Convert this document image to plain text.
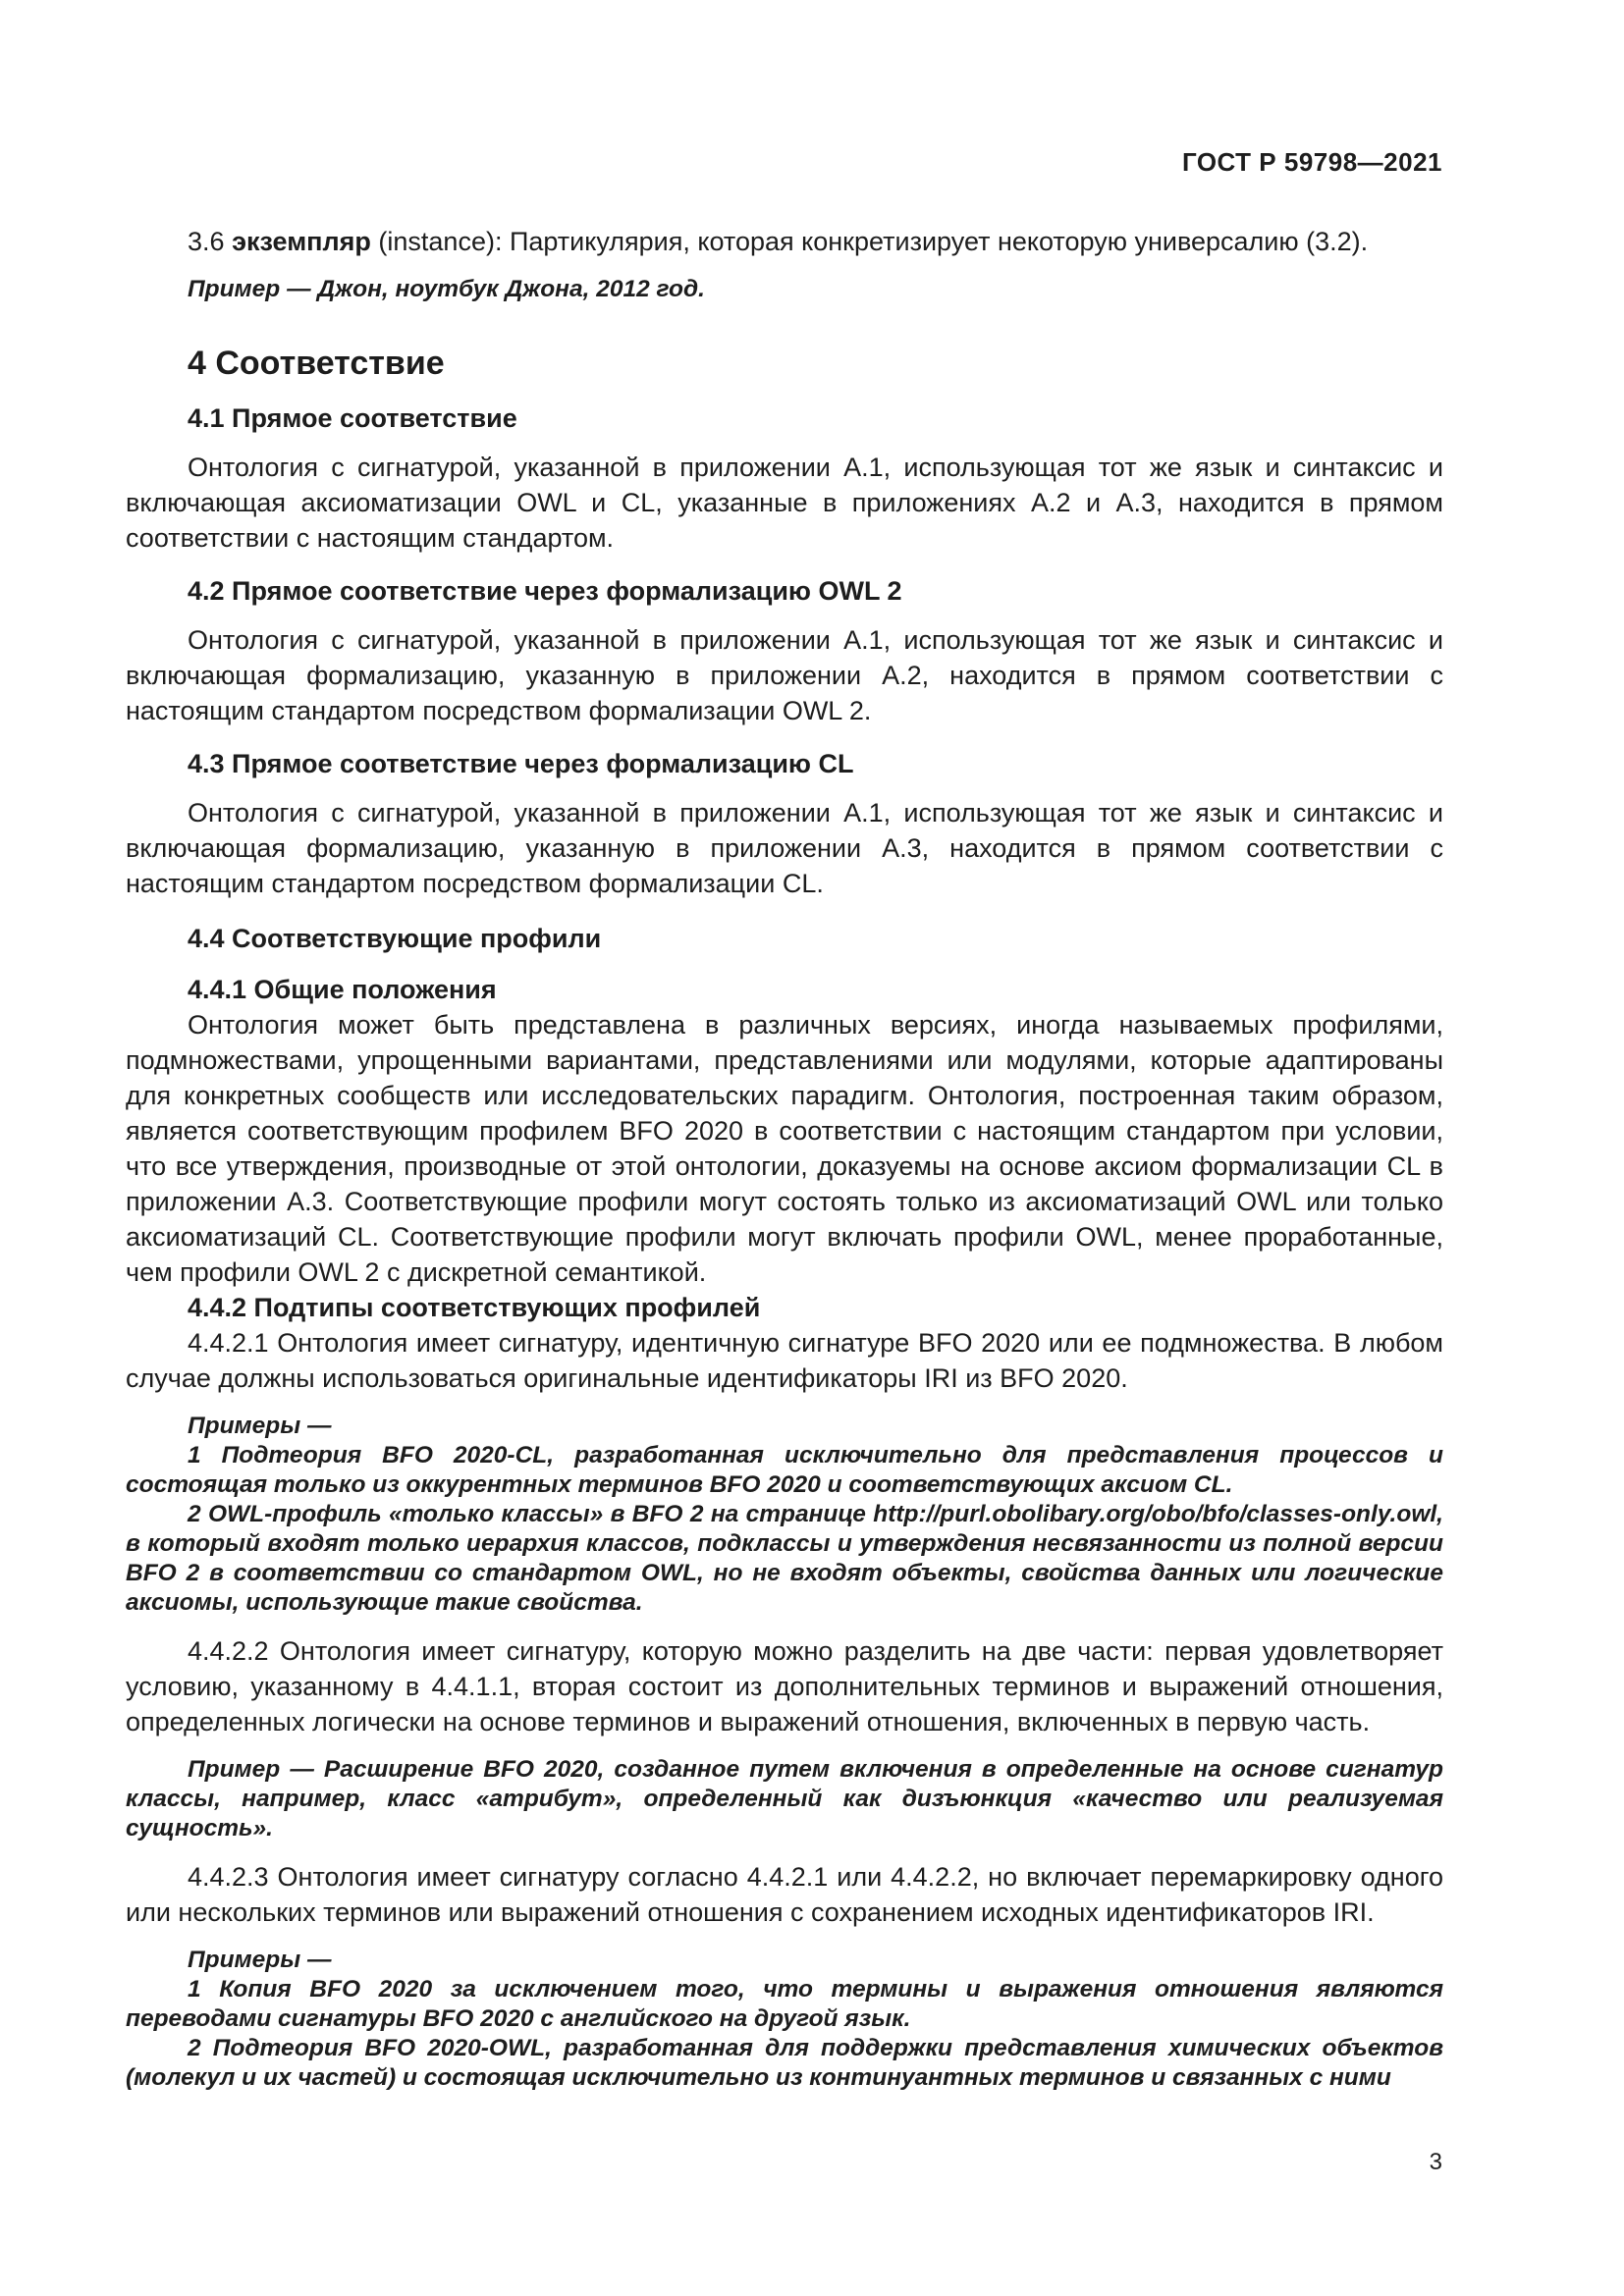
ГОСТ Р 59798—2021

3.6 экземпляр (instance): Партикулярия, которая конкретизирует некоторую универсалию (3.2).

Пример — Джон, ноутбук Джона, 2012 год.

4 Соответствие
4.1 Прямое соответствие

Онтология с сигнатурой, указанной в приложении А.1, использующая тот же язык и синтаксис и включающая аксиоматизации OWL и CL, указанные в приложениях А.2 и А.3, находится в прямом соответствии с настоящим стандартом.

4.2 Прямое соответствие через формализацию OWL 2

Онтология с сигнатурой, указанной в приложении А.1, использующая тот же язык и синтаксис и включающая формализацию, указанную в приложении А.2, находится в прямом соответствии с настоящим стандартом посредством формализации OWL 2.

4.3 Прямое соответствие через формализацию CL

Онтология с сигнатурой, указанной в приложении А.1, использующая тот же язык и синтаксис и включающая формализацию, указанную в приложении А.3, находится в прямом соответствии с настоящим стандартом посредством формализации CL.

4.4 Соответствующие профили
4.4.1 Общие положения

Онтология может быть представлена в различных версиях, иногда называемых профилями, подмножествами, упрощенными вариантами, представлениями или модулями, которые адаптированы для конкретных сообществ или исследовательских парадигм. Онтология, построенная таким образом, является соответствующим профилем BFO 2020 в соответствии с настоящим стандартом при условии, что все утверждения, производные от этой онтологии, доказуемы на основе аксиом формализации CL в приложении А.3. Соответствующие профили могут состоять только из аксиоматизаций OWL или только аксиоматизаций CL. Соответствующие профили могут включать профили OWL, менее проработанные, чем профили OWL 2 с дискретной семантикой.

4.4.2 Подтипы соответствующих профилей

4.4.2.1 Онтология имеет сигнатуру, идентичную сигнатуре BFO 2020 или ее подмножества. В любом случае должны использоваться оригинальные идентификаторы IRI из BFO 2020.

Примеры —

1 Подтеория BFO 2020-CL, разработанная исключительно для представления процессов и состоящая только из оккурентных терминов BFO 2020 и соответствующих аксиом CL.

2 OWL-профиль «только классы» в BFO 2 на странице http://purl.obolibary.org/obo/bfo/classes-only.owl, в который входят только иерархия классов, подклассы и утверждения несвязанности из полной версии BFO 2 в соответствии со стандартом OWL, но не входят объекты, свойства данных или логические аксиомы, использующие такие свойства.

4.4.2.2 Онтология имеет сигнатуру, которую можно разделить на две части: первая удовлетворяет условию, указанному в 4.4.1.1, вторая состоит из дополнительных терминов и выражений отношения, определенных логически на основе терминов и выражений отношения, включенных в первую часть.

Пример — Расширение BFO 2020, созданное путем включения в определенные на основе сигнатур классы, например, класс «атрибут», определенный как дизъюнкция «качество или реализуемая сущность».

4.4.2.3 Онтология имеет сигнатуру согласно 4.4.2.1 или 4.4.2.2, но включает перемаркировку одного или нескольких терминов или выражений отношения с сохранением исходных идентификаторов IRI.

Примеры —

1 Копия BFO 2020 за исключением того, что термины и выражения отношения являются переводами сигнатуры BFO 2020 с английского на другой язык.

2 Подтеория BFO 2020-OWL, разработанная для поддержки представления химических объектов (молекул и их частей) и состоящая исключительно из континуантных терминов и связанных с ними

3
